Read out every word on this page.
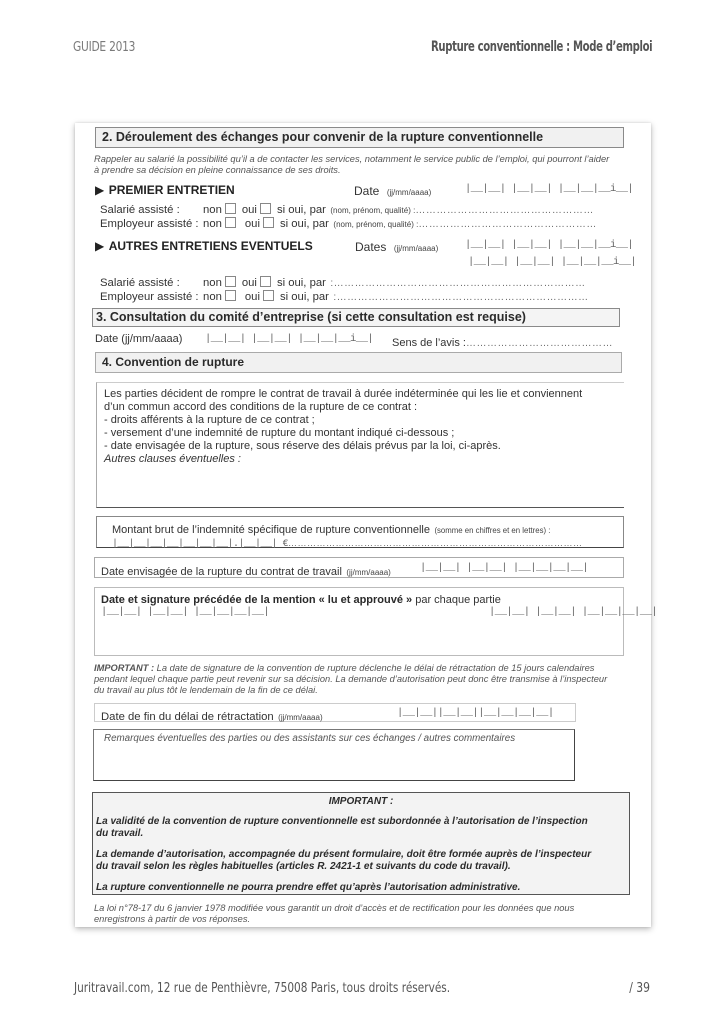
GUIDE 2013	Rupture conventionnelle : Mode d’emploi
2. Déroulement des échanges pour convenir de la rupture conventionnelle
Rappeler au salarié la possibilité qu’il a de contacter les services, notamment le service public de l’emploi, qui pourront l’aider
à prendre sa décision en pleine connaissance de ses droits.
▶ PREMIER ENTRETIEN	Date (jj/mm/aaaa)	|__|__| |__|__| |__|__|__i__|
Salarié assisté : non oui si oui, par (nom, prénom, qualité) :……………………………………………
Employeur assisté : non oui si oui, par (nom, prénom, qualité) :……………………………………………
▶ AUTRES ENTRETIENS EVENTUELS	Dates (jj/mm/aaaa)	|__|__| |__|__| |__|__|__i__|
|__|__| |__|__| |__|__|__i__|
Salarié assisté : non oui si oui, par :………………………………………………………………
Employeur assisté : non oui si oui, par :………………………………………………………………
3. Consultation du comité d’entreprise (si cette consultation est requise)
Date (jj/mm/aaaa) |__|__| |__|__| |__|__|__i__| Sens de l’avis :……………………………………
4. Convention de rupture
Les parties décident de rompre le contrat de travail à durée indéterminée qui les lie et conviennent
d’un commun accord des conditions de la rupture de ce contrat :
- droits afférents à la rupture de ce contrat ;
- versement d’une indemnité de rupture du montant indiqué ci-dessous ;
- date envisagée de la rupture, sous réserve des délais prévus par la loi, ci-après.
Autres clauses éventuelles :
Montant brut de l’indemnité spécifique de rupture conventionnelle (somme en chiffres et en lettres) :
|__|__|__|__|__|__|__|.|__|__| €…………………………………………………………………………………
Date envisagée de la rupture du contrat de travail (jj/mm/aaaa)	|__|__| |__|__| |__|__|__|__|
Date et signature précédée de la mention « lu et approuvé » par chaque partie
|__|__| |__|__| |__|__|__|__|	|__|__| |__|__| |__|__|__|__|
IMPORTANT : La date de signature de la convention de rupture déclenche le délai de rétractation de 15 jours calendaires
pendant lequel chaque partie peut revenir sur sa décision. La demande d’autorisation peut donc être transmise à l’inspecteur
du travail au plus tôt le lendemain de la fin de ce délai.
Date de fin du délai de rétractation (jj/mm/aaaa)	|__|__||__|__||__|__|__|__|
Remarques éventuelles des parties ou des assistants sur ces échanges / autres commentaires
IMPORTANT :
La validité de la convention de rupture conventionnelle est subordonnée à l’autorisation de l’inspection
du travail.
La demande d’autorisation, accompagnée du présent formulaire, doit être formée auprès de l’inspecteur
du travail selon les règles habituelles (articles R. 2421-1 et suivants du code du travail).
La rupture conventionnelle ne pourra prendre effet qu’après l’autorisation administrative.
La loi n°78-17 du 6 janvier 1978 modifiée vous garantit un droit d’accès et de rectification pour les données que nous
enregistrons à partir de vos réponses.
Juritravail.com, 12 rue de Penthièvre, 75008 Paris, tous droits réservés.	/ 39
